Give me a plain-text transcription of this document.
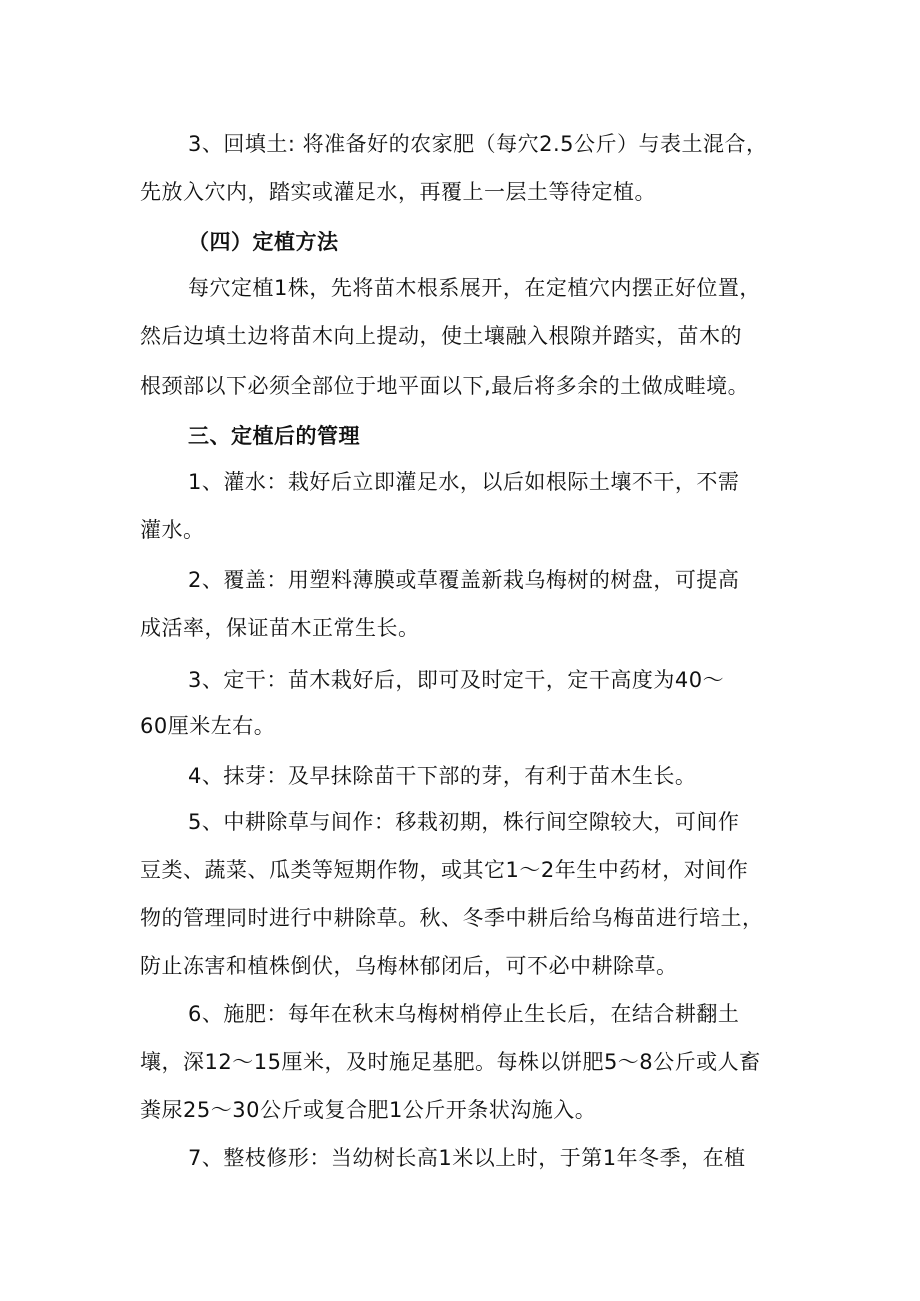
3、回填土: 将准备好的农家肥（每穴2.5公斤）与表土混合，
先放入穴内，踏实或灌足水，再覆上一层土等待定植。
（四）定植方法
每穴定植1株，先将苗木根系展开，在定植穴内摆正好位置，
然后边填土边将苗木向上提动，使土壤融入根隙并踏实，苗木的
根颈部以下必须全部位于地平面以下,最后将多余的土做成畦境。
三、定植后的管理
1、灌水：栽好后立即灌足水，以后如根际土壤不干，不需
灌水。
2、覆盖：用塑料薄膜或草覆盖新栽乌梅树的树盘，可提高
成活率，保证苗木正常生长。
3、定干：苗木栽好后，即可及时定干，定干高度为40〜
60厘米左右。
4、抹芽：及早抹除苗干下部的芽，有利于苗木生长。
5、中耕除草与间作：移栽初期，株行间空隙较大，可间作
豆类、蔬菜、瓜类等短期作物，或其它1〜2年生中药材，对间作
物的管理同时进行中耕除草。秋、冬季中耕后给乌梅苗进行培土，
防止冻害和植株倒伏，乌梅林郁闭后，可不必中耕除草。
6、施肥：每年在秋末乌梅树梢停止生长后，在结合耕翻土
壤，深12〜15厘米，及时施足基肥。每株以饼肥5〜8公斤或人畜
粪尿25〜30公斤或复合肥1公斤开条状沟施入。
7、整枝修形：当幼树长高1米以上时，于第1年冬季，在植
